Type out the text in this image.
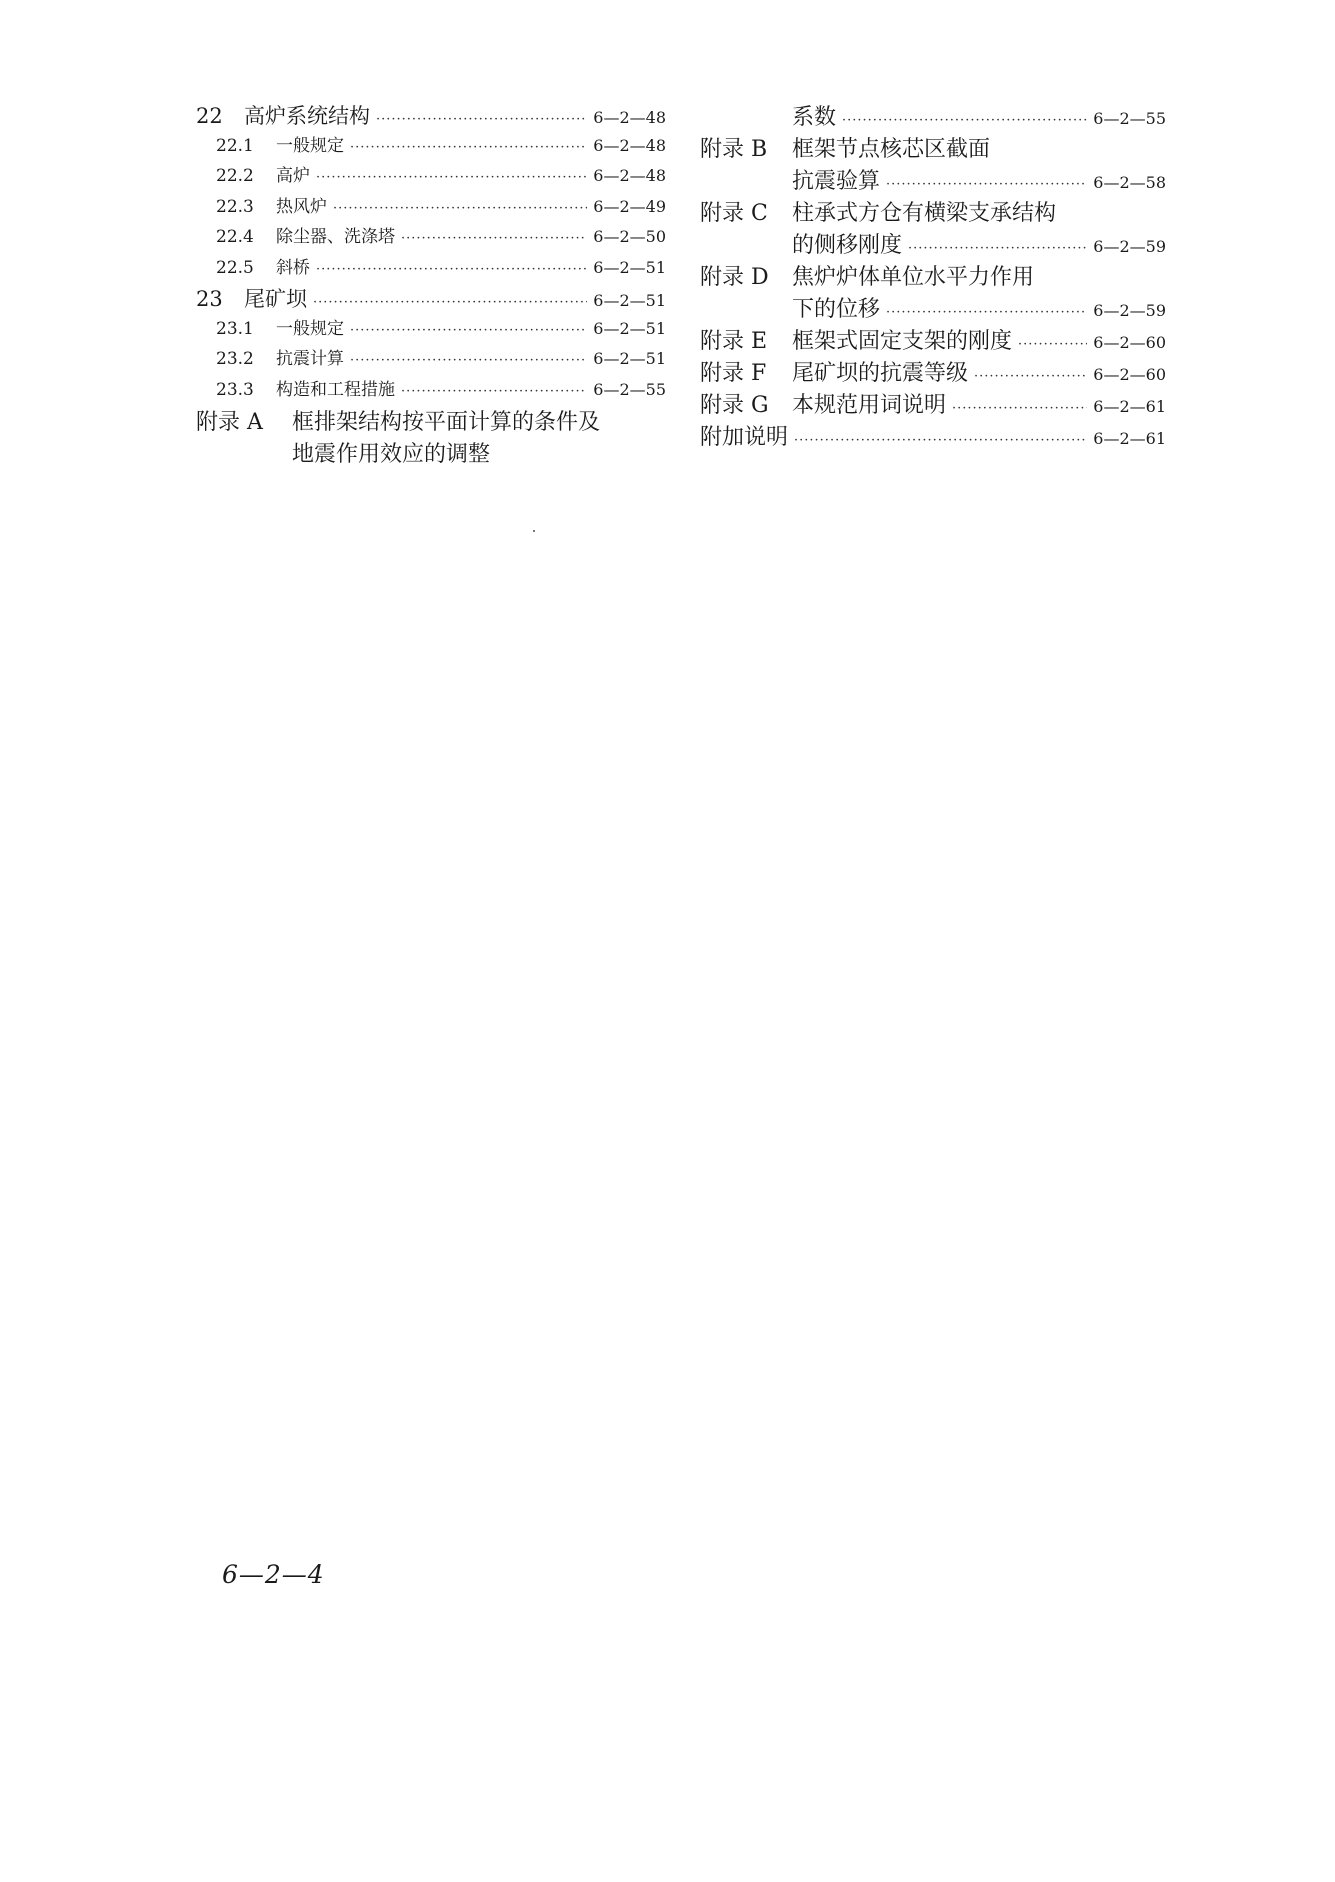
22	高炉系统结构 ·····	6—2—48
22.1	一般规定 ·····	6—2—48
22.2	高炉 ·····	6—2—48
22.3	热风炉 ·····	6—2—49
22.4	除尘器、洗涤塔 ·····	6—2—50
22.5	斜桥 ·····	6—2—51
23	尾矿坝 ·····	6—2—51
23.1	一般规定 ·····	6—2—51
23.2	抗震计算 ·····	6—2—51
23.3	构造和工程措施 ·····	6—2—55
附录 A	框排架结构按平面计算的条件及
地震作用效应的调整
系数 ·····	6—2—55
附录 B	框架节点核芯区截面
抗震验算 ·····	6—2—58
附录 C	柱承式方仓有横梁支承结构
的侧移刚度 ·····	6—2—59
附录 D	焦炉炉体单位水平力作用
下的位移 ·····	6—2—59
附录 E	框架式固定支架的刚度 ·····	6—2—60
附录 F	尾矿坝的抗震等级 ·····	6—2—60
附录 G	本规范用词说明 ·····	6—2—61
附加说明 ·····	6—2—61
6—2—4
